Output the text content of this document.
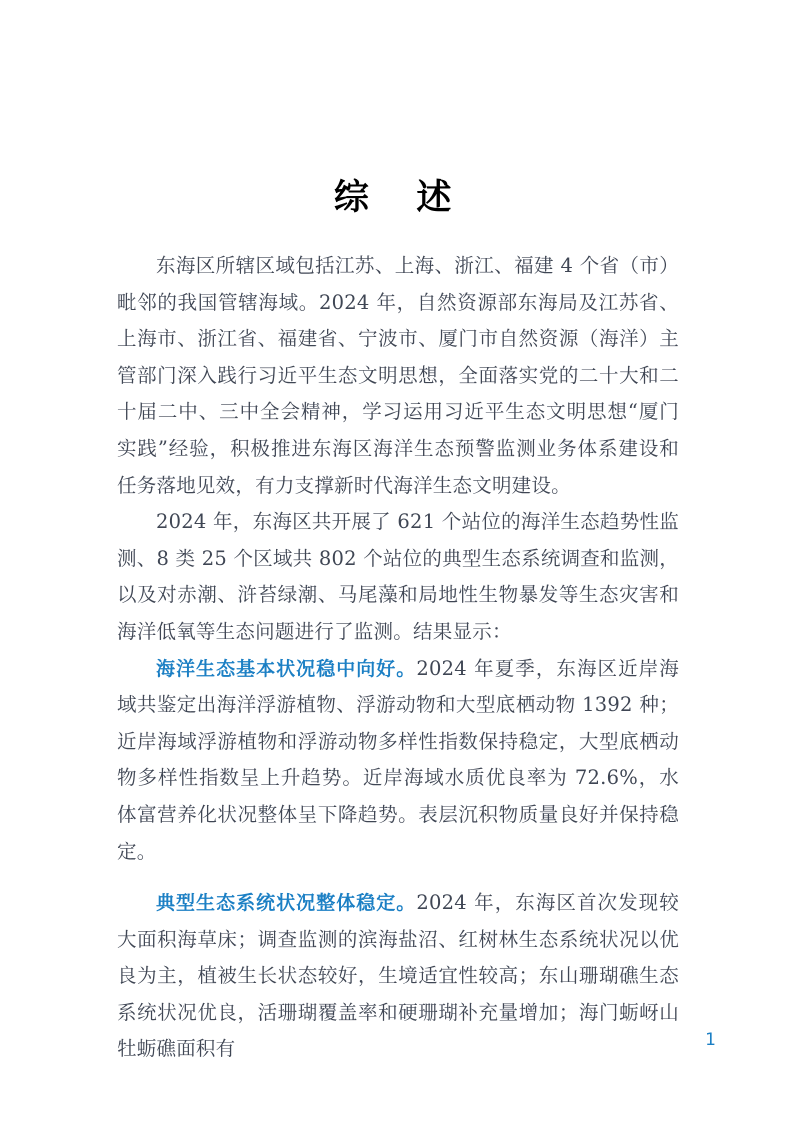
综  述

东海区所辖区域包括江苏、上海、浙江、福建 4 个省（市）毗邻的我国管辖海域。2024 年，自然资源部东海局及江苏省、上海市、浙江省、福建省、宁波市、厦门市自然资源（海洋）主管部门深入践行习近平生态文明思想，全面落实党的二十大和二十届二中、三中全会精神，学习运用习近平生态文明思想“厦门实践”经验，积极推进东海区海洋生态预警监测业务体系建设和任务落地见效，有力支撑新时代海洋生态文明建设。

2024 年，东海区共开展了 621 个站位的海洋生态趋势性监测、8 类 25 个区域共 802 个站位的典型生态系统调查和监测，以及对赤潮、浒苔绿潮、马尾藻和局地性生物暴发等生态灾害和海洋低氧等生态问题进行了监测。结果显示：

海洋生态基本状况稳中向好。2024 年夏季，东海区近岸海域共鉴定出海洋浮游植物、浮游动物和大型底栖动物 1392 种；近岸海域浮游植物和浮游动物多样性指数保持稳定，大型底栖动物多样性指数呈上升趋势。近岸海域水质优良率为 72.6%，水体富营养化状况整体呈下降趋势。表层沉积物质量良好并保持稳定。

典型生态系统状况整体稳定。2024 年，东海区首次发现较大面积海草床；调查监测的滨海盐沼、红树林生态系统状况以优良为主，植被生长状态较好，生境适宜性较高；东山珊瑚礁生态系统状况优良，活珊瑚覆盖率和硬珊瑚补充量增加；海门蛎岈山牡蛎礁面积有	1
